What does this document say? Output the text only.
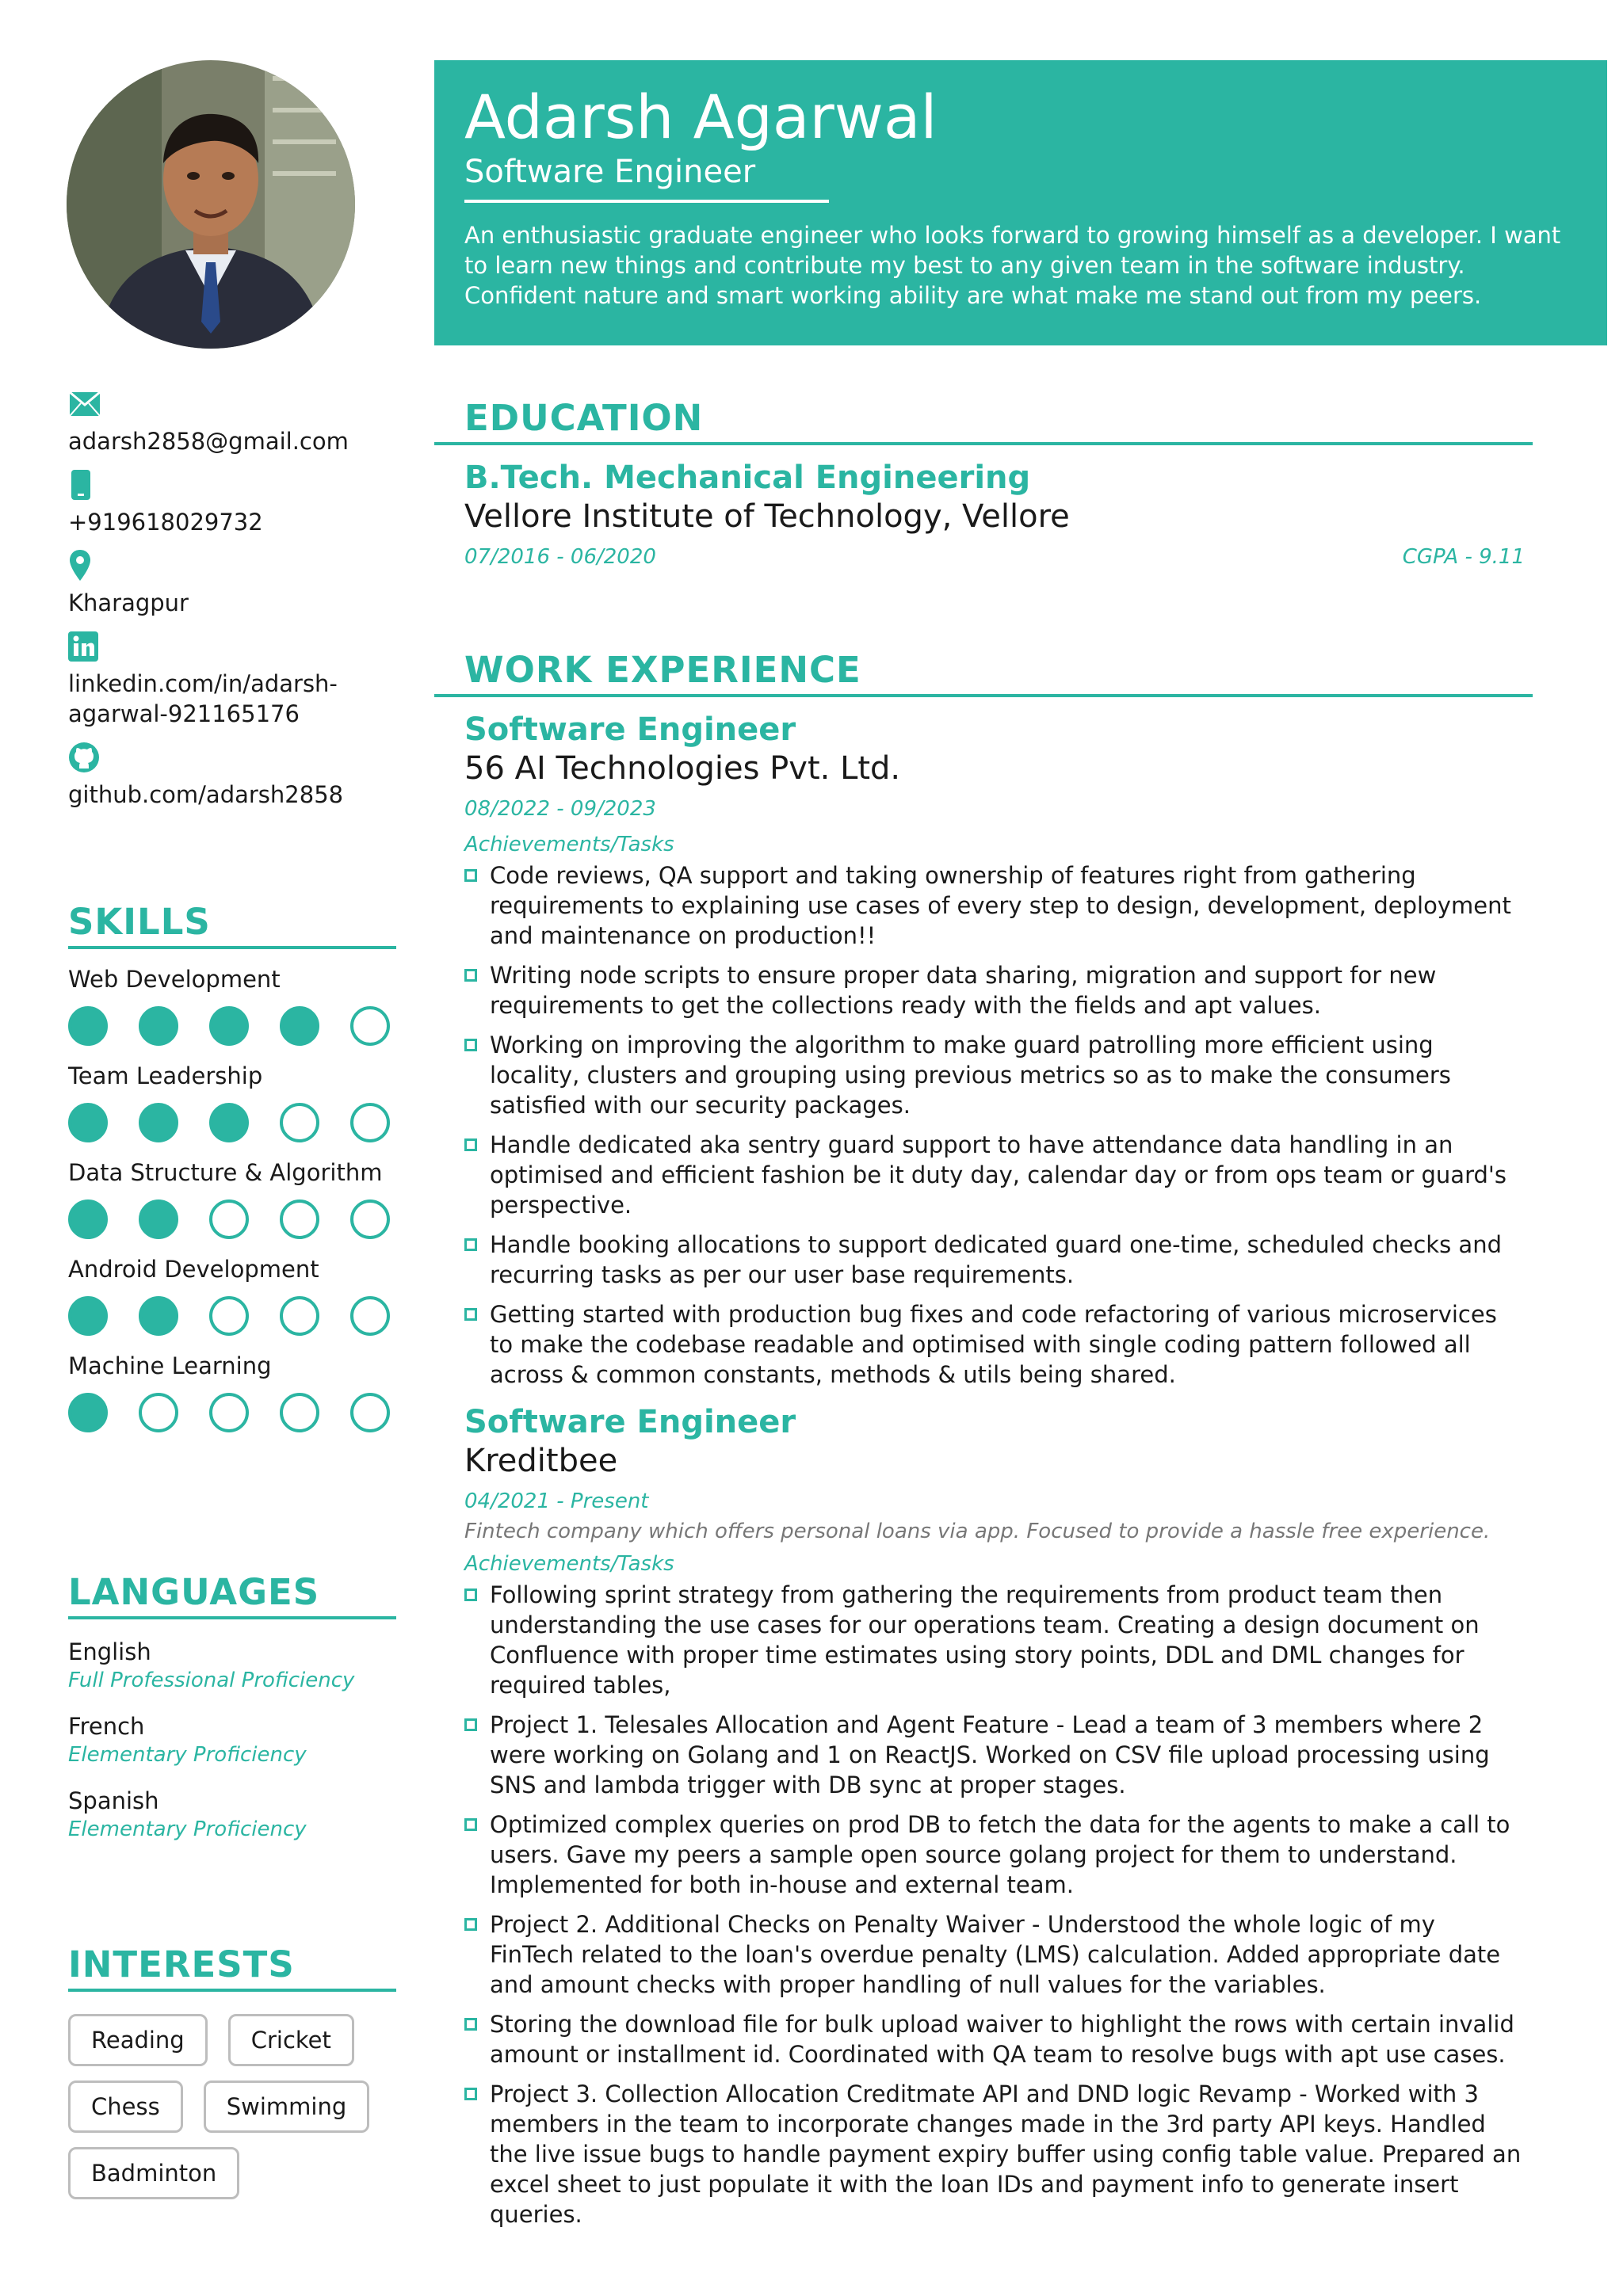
adarsh2858@gmail.com
+919618029732
Kharagpur
linkedin.com/in/adarsh-agarwal-921165176
github.com/adarsh2858
SKILLS
Web Development
Team Leadership
Data Structure & Algorithm
Android Development
Machine Learning
LANGUAGES
English
Full Professional Proficiency
French
Elementary Proficiency
Spanish
Elementary Proficiency
INTERESTS
Reading	Cricket
Chess	Swimming
Badminton
Adarsh Agarwal
Software Engineer
An enthusiastic graduate engineer who looks forward to growing himself as a developer. I want to learn new things and contribute my best to any given team in the software industry. Confident nature and smart working ability are what make me stand out from my peers.
EDUCATION
B.Tech. Mechanical Engineering
Vellore Institute of Technology, Vellore
07/2016 - 06/2020	CGPA - 9.11
WORK EXPERIENCE
Software Engineer
56 AI Technologies Pvt. Ltd.
08/2022 - 09/2023
Achievements/Tasks
Code reviews, QA support and taking ownership of features right from gathering requirements to explaining use cases of every step to design, development, deployment and maintenance on production!!
Writing node scripts to ensure proper data sharing, migration and support for new requirements to get the collections ready with the fields and apt values.
Working on improving the algorithm to make guard patrolling more efficient using locality, clusters and grouping using previous metrics so as to make the consumers satisfied with our security packages.
Handle dedicated aka sentry guard support to have attendance data handling in an optimised and efficient fashion be it duty day, calendar day or from ops team or guard's perspective.
Handle booking allocations to support dedicated guard one-time, scheduled checks and recurring tasks as per our user base requirements.
Getting started with production bug fixes and code refactoring of various microservices to make the codebase readable and optimised with single coding pattern followed all across & common constants, methods & utils being shared.
Software Engineer
Kreditbee
04/2021 - Present
Fintech company which offers personal loans via app. Focused to provide a hassle free experience.
Achievements/Tasks
Following sprint strategy from gathering the requirements from product team then understanding the use cases for our operations team. Creating a design document on Confluence with proper time estimates using story points, DDL and DML changes for required tables,
Project 1. Telesales Allocation and Agent Feature - Lead a team of 3 members where 2 were working on Golang and 1 on ReactJS. Worked on CSV file upload processing using SNS and lambda trigger with DB sync at proper stages.
Optimized complex queries on prod DB to fetch the data for the agents to make a call to users. Gave my peers a sample open source golang project for them to understand. Implemented for both in-house and external team.
Project 2. Additional Checks on Penalty Waiver - Understood the whole logic of my FinTech related to the loan's overdue penalty (LMS) calculation. Added appropriate date and amount checks with proper handling of null values for the variables.
Storing the download file for bulk upload waiver to highlight the rows with certain invalid amount or installment id. Coordinated with QA team to resolve bugs with apt use cases.
Project 3. Collection Allocation Creditmate API and DND logic Revamp - Worked with 3 members in the team to incorporate changes made in the 3rd party API keys. Handled the live issue bugs to handle payment expiry buffer using config table value. Prepared an excel sheet to just populate it with the loan IDs and payment info to generate insert queries.
